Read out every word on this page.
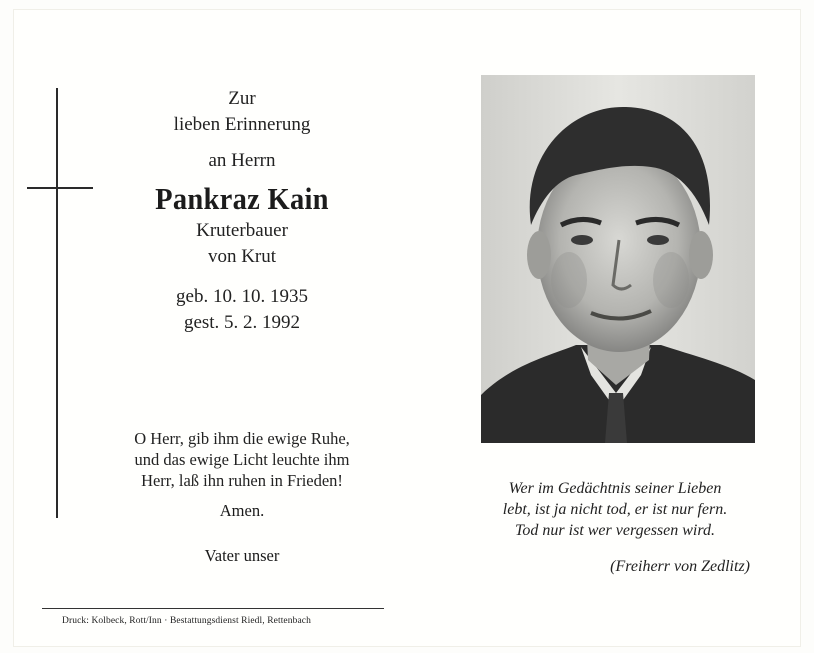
Zur
lieben Erinnerung
an Herrn
Pankraz Kain
Kruterbauer
von Krut
geb. 10. 10. 1935
gest. 5. 2. 1992
O Herr, gib ihm die ewige Ruhe,
und das ewige Licht leuchte ihm
Herr, laß ihn ruhen in Frieden!
Amen.
Vater unser
Druck: Kolbeck, Rott/Inn · Bestattungsdienst Riedl, Rettenbach
Wer im Gedächtnis seiner Lieben
lebt, ist ja nicht tod, er ist nur fern.
Tod nur ist wer vergessen wird.
(Freiherr von Zedlitz)
